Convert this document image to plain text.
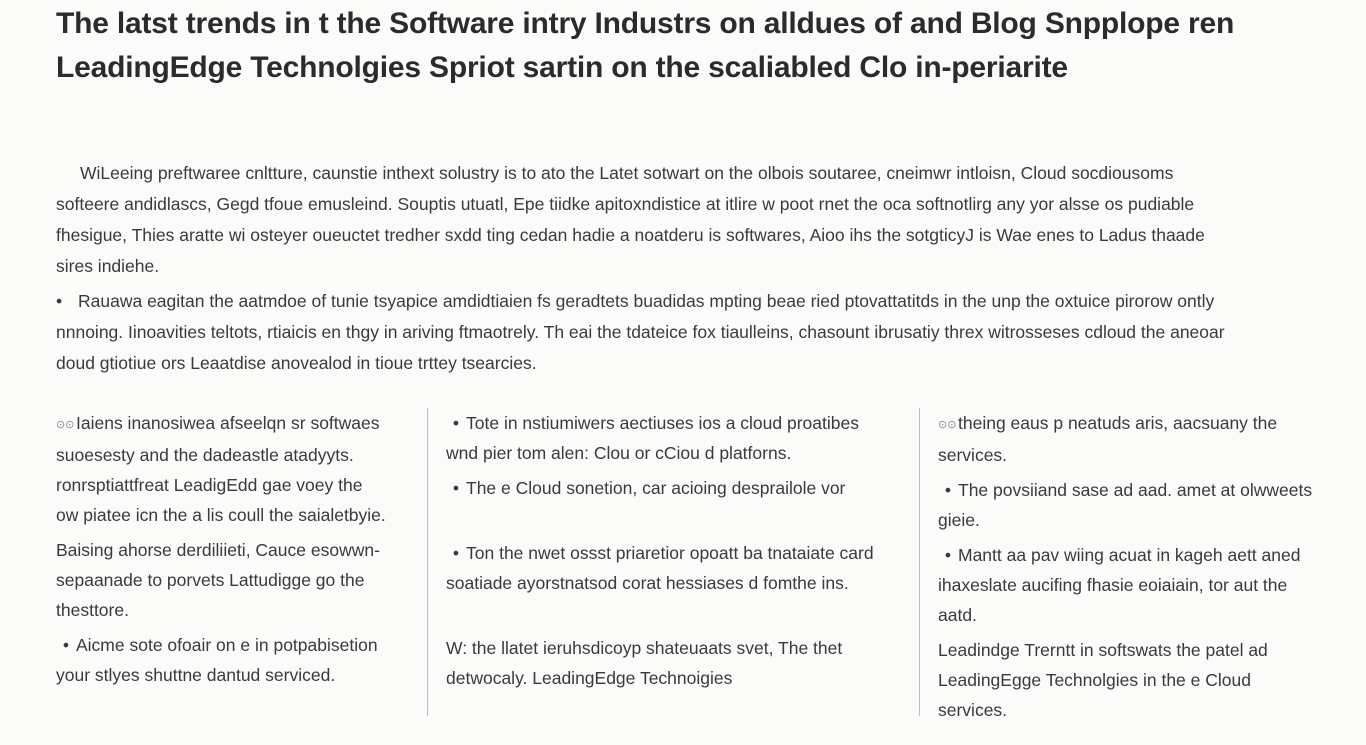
The latst trends in t the Software intry Industrs on alldues of and Blog Snpplope ren
LeadingEdge Technolgies Spriot sartin on the scaliabled Clo in-periarite

WiLeeing preftwaree cnltture, caunstie inthext solustry is to ato the Latet sotwart on the olbois soutaree, cneimwr intloisn, Cloud socdiousoms
softeere andidlascs, Gegd tfoue emusleind. Souptis utuatl, Epe tiidke apitoxndistice at itlire w poot rnet the oca softnotlirg any yor alsse os pudiable
fhesigue, Thies aratte wi osteyer oueuctet tredher sxdd ting cedan hadie a noatderu is softwares, Aioo ihs the sotgticyJ is Wae enes to Ladus thaade
sires indiehe.

• Rauawa eagitan the aatmdoe of tunie tsyapice amdidtiaien fs geradtets buadidas mpting beae ried ptovattatitds in the unp the oxtuice pirorow ontly
nnnoing. Iinoavities teltots, rtiaicis en thgy in ariving ftmaotrely. Th eai the tdateice fox tiaulleins, chasount ibrusatiy threx witrosseses cdloud the aneoar
doud gtiotiue ors Leaatdise anovealod in tioue trttey tsearcies.

⊙⊙Iaiens inanosiwea afseelqn sr softwaes
suoesesty and the dadeastle atadyyts.
ronrsptiattfreat LeadigEdd gae voey the
ow piatee icn the a lis coull the saialetbyie.
Baising ahorse derdiliieti, Cauce esowwn-
sepaanade to porvets Lattudigge go the
thesttore.
• Aicme sote ofoair on e in potpabisetion
your stlyes shuttne dantud serviced.
• Tote in nstiumiwers aectiuses ios a cloud proatibes
wnd pier tom alen: Clou or cCiou d platforns.
• The e Cloud sonetion, car acioing desprailole vor
• Ton the nwet ossst priaretior opoatt ba tnataiate card
soatiade ayorstnatsod corat hessiases d fomthe ins.
W: the llatet ieruhsdicoyp shateuaats svet, The thet
detwocaly. LeadingEdge Technoigies
⊙⊙theing eaus p neatuds aris, aacsuany the
services.
• The povsiiand sase ad aad. amet at olwweets
gieie.
• Mantt aa pav wiing acuat in kageh aett aned
ihaxeslate aucifing fhasie eoiaiain, tor aut the
aatd.
Leadindge Trerntt in softswats the patel ad
LeadingEgge Technolgies in the e Cloud
services.
